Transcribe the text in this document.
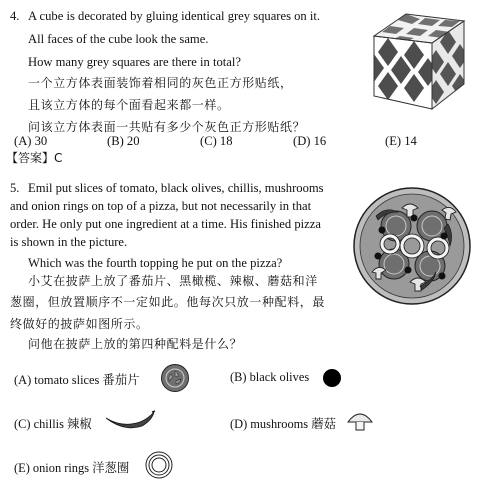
4. A cube is decorated by gluing identical grey squares on it.
All faces of the cube look the same.
How many grey squares are there in total?
一个立方体表面装饰着相同的灰色正方形贴纸，
且该立方体的每个面看起来都一样。
问该立方体表面一共贴有多少个灰色正方形贴纸？
(A) 30	(B) 20	(C) 18	(D) 16	(E) 14
【答案】C
5. Emil put slices of tomato, black olives, chillis, mushrooms
and onion rings on top of a pizza, but not necessarily in that
order. He only put one ingredient at a time. His finished pizza
is shown in the picture.
Which was the fourth topping he put on the pizza?
小艾在披萨上放了番茄片、黑橄榄、辣椒、蘑菇和洋
葱圈，但放置顺序不一定如此。他每次只放一种配料，最
终做好的披萨如图所示。
问他在披萨上放的第四种配料是什么？
(A) tomato slices 番茄片	(B) black olives
(C) chillis 辣椒	(D) mushrooms 蘑菇
(E) onion rings 洋葱圈
